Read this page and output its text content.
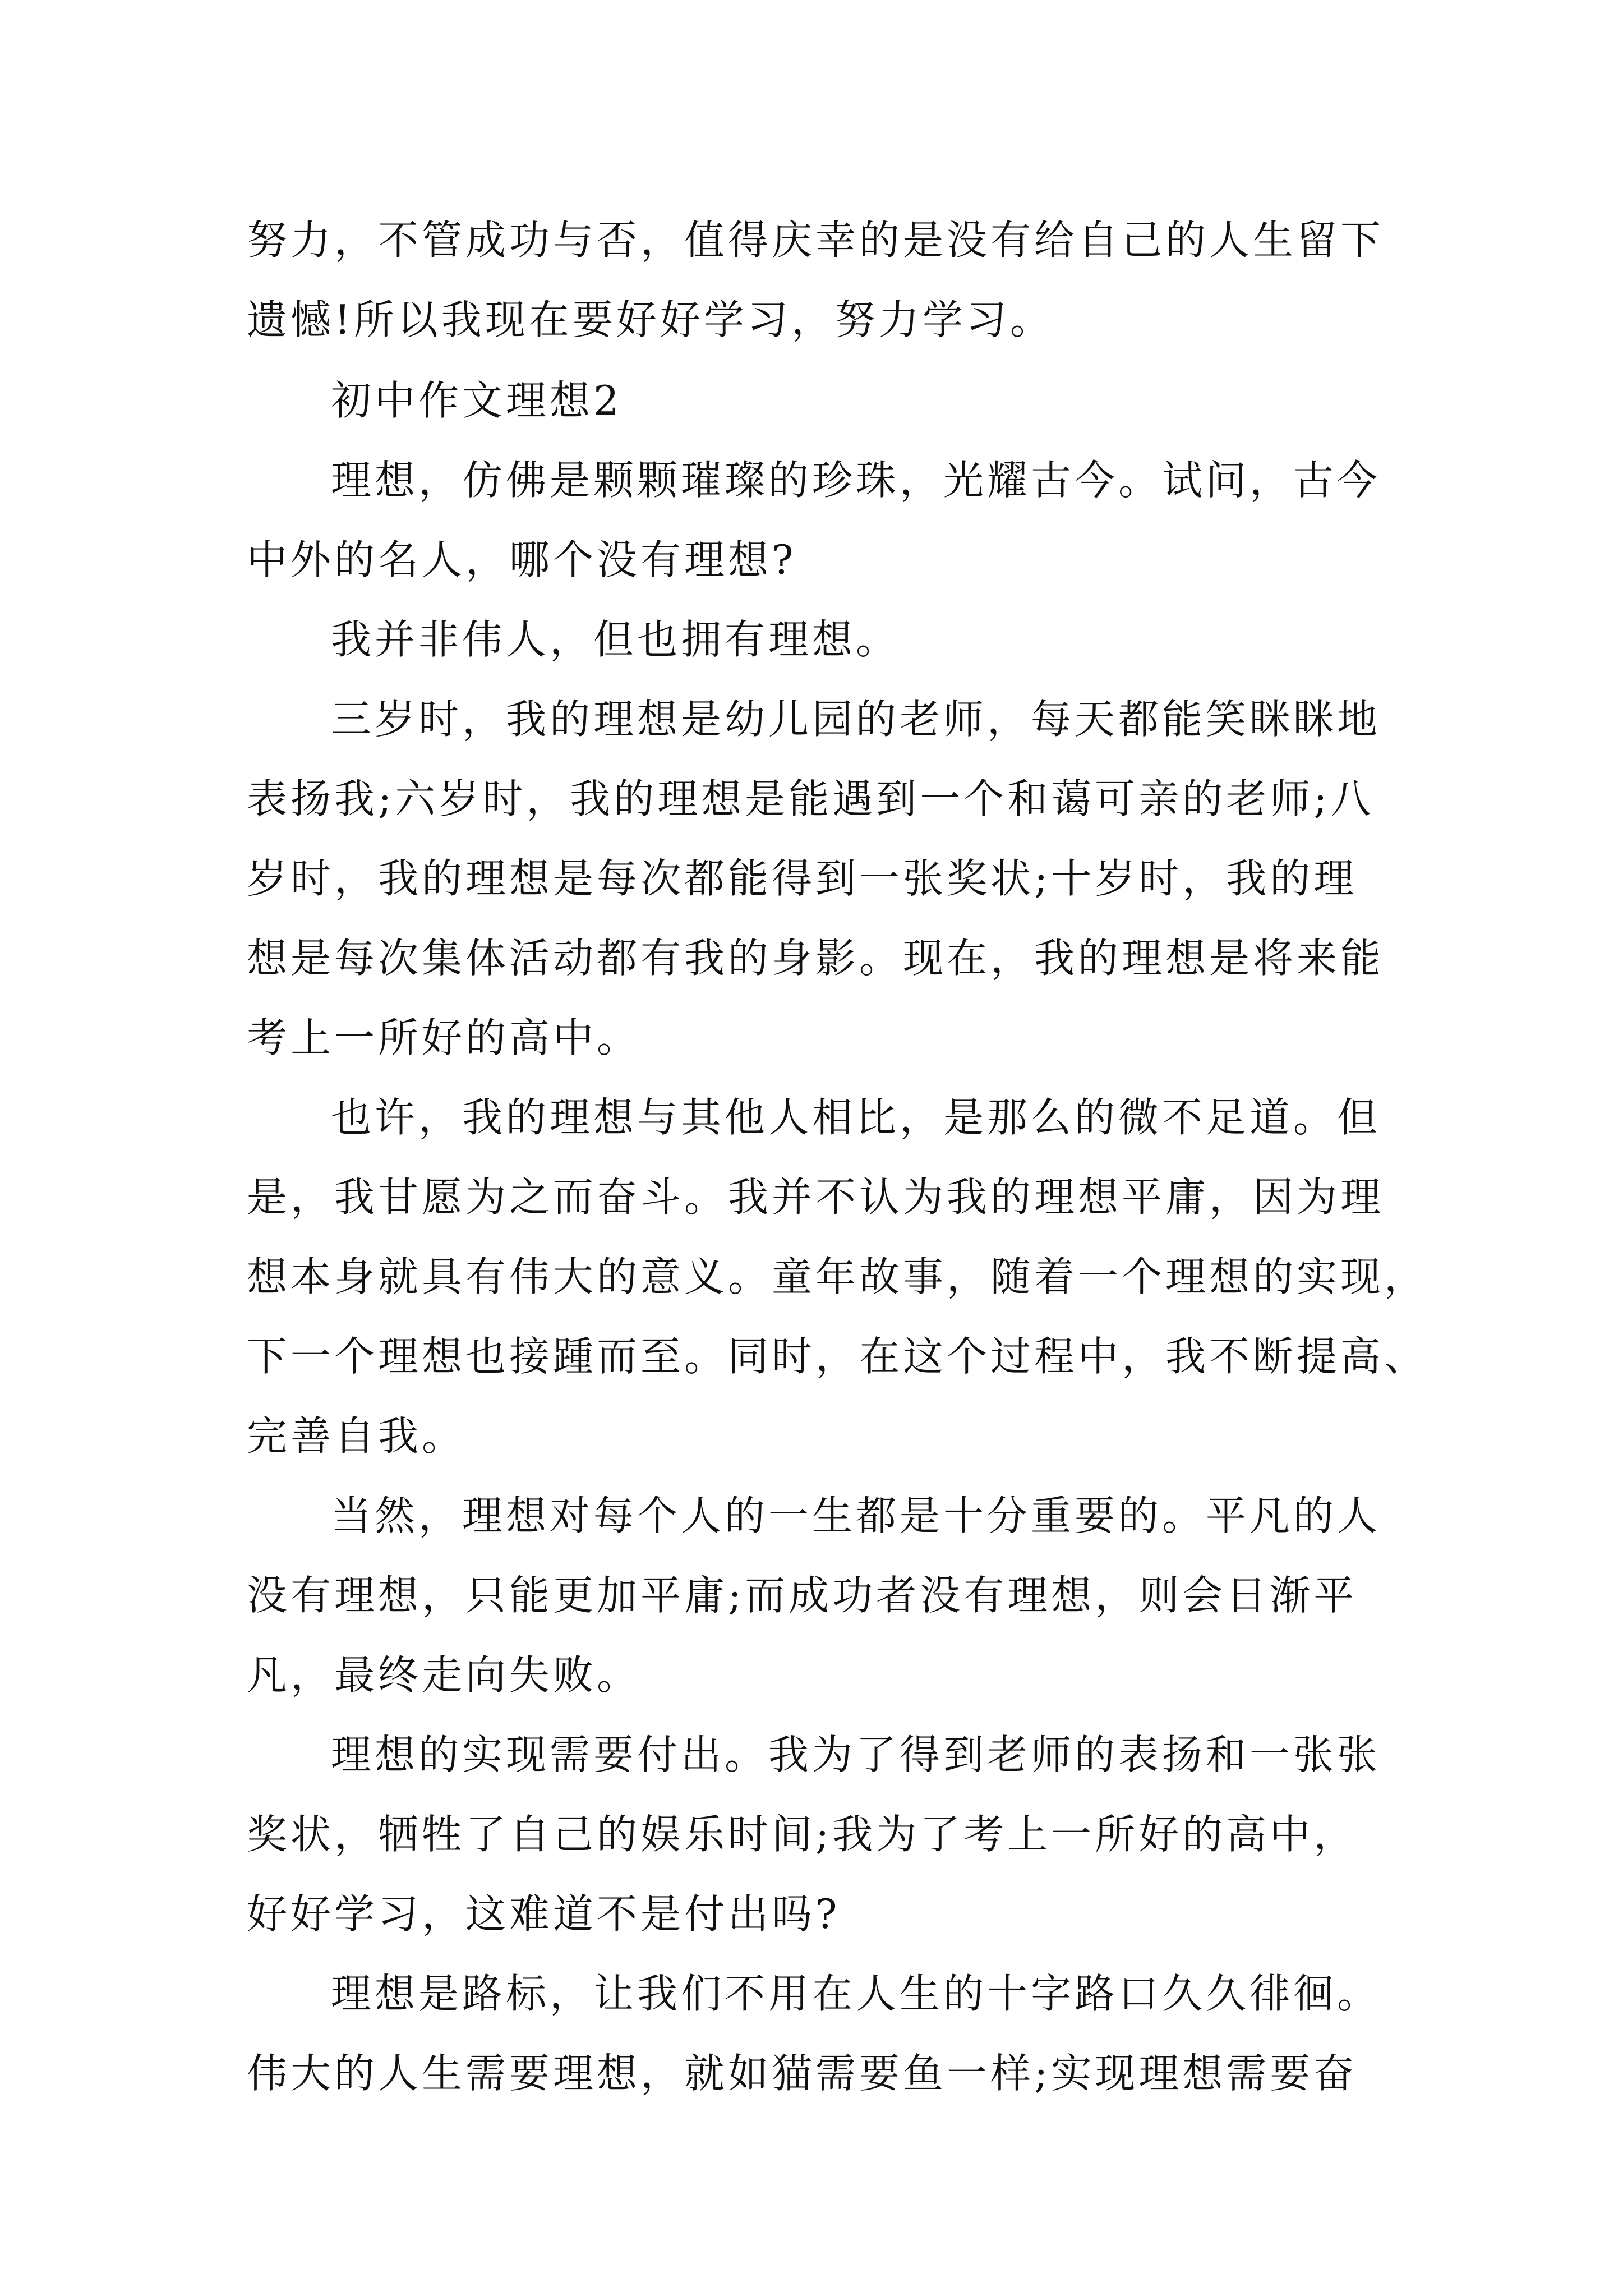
努力，不管成功与否，值得庆幸的是没有给自己的人生留下
遗憾!所以我现在要好好学习，努力学习。
初中作文理想2
理想，仿佛是颗颗璀璨的珍珠，光耀古今。试问，古今
中外的名人，哪个没有理想?
我并非伟人，但也拥有理想。
三岁时，我的理想是幼儿园的老师，每天都能笑眯眯地
表扬我;六岁时，我的理想是能遇到一个和蔼可亲的老师;八
岁时，我的理想是每次都能得到一张奖状;十岁时，我的理
想是每次集体活动都有我的身影。现在，我的理想是将来能
考上一所好的高中。
也许，我的理想与其他人相比，是那么的微不足道。但
是，我甘愿为之而奋斗。我并不认为我的理想平庸，因为理
想本身就具有伟大的意义。童年故事，随着一个理想的实现，
下一个理想也接踵而至。同时，在这个过程中，我不断提高、
完善自我。
当然，理想对每个人的一生都是十分重要的。平凡的人
没有理想，只能更加平庸;而成功者没有理想，则会日渐平
凡，最终走向失败。
理想的实现需要付出。我为了得到老师的表扬和一张张
奖状，牺牲了自己的娱乐时间;我为了考上一所好的高中，
好好学习，这难道不是付出吗?
理想是路标，让我们不用在人生的十字路口久久徘徊。
伟大的人生需要理想，就如猫需要鱼一样;实现理想需要奋
